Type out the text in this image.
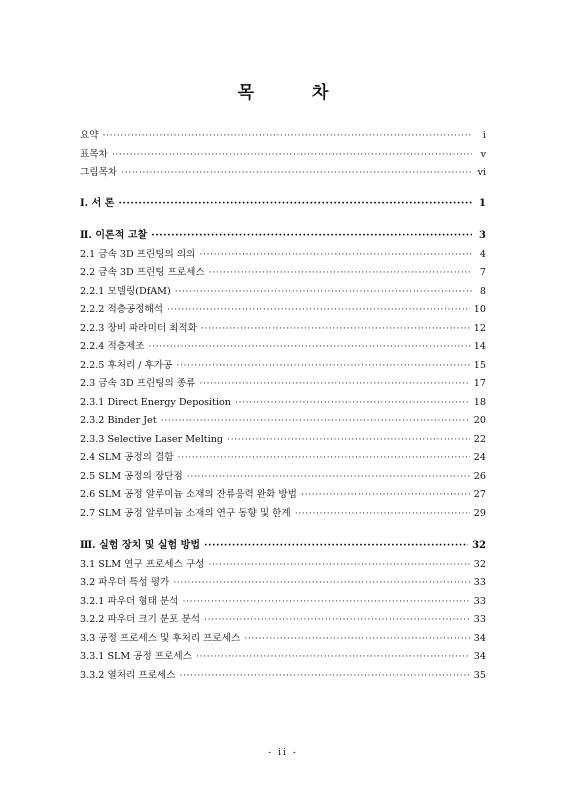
목 차
요약 ·····	i
표목차 ·····	v
그림목차 ·····	vi
Ⅰ. 서 론 ·····	1
Ⅱ. 이론적 고찰 ·····	3
2.1 금속 3D 프린팅의 의의 ·····	4
2.2 금속 3D 프린팅 프로세스 ·····	7
2.2.1 모델링(DfAM) ·····	8
2.2.2 적층공정해석 ·····	10
2.2.3 장비 파라미터 최적화 ·····	12
2.2.4 적층제조 ·····	14
2.2.5 후처리 / 후가공 ·····	15
2.3 금속 3D 프린팅의 종류 ·····	17
2.3.1 Direct Energy Deposition ·····	18
2.3.2 Binder Jet ·····	20
2.3.3 Selective Laser Melting ·····	22
2.4 SLM 공정의 결함 ·····	24
2.5 SLM 공정의 장단점 ·····	26
2.6 SLM 공정 알루미늄 소재의 잔류응력 완화 방법 ·····	27
2.7 SLM 공정 알루미늄 소재의 연구 동향 및 한계 ·····	29
Ⅲ. 실험 장치 및 실험 방법 ·····	32
3.1 SLM 연구 프로세스 구성 ·····	32
3.2 파우더 특성 평가 ·····	33
3.2.1 파우더 형태 분석 ·····	33
3.2.2 파우더 크기 분포 분석 ·····	33
3.3 공정 프로세스 및 후처리 프로세스 ·····	34
3.3.1 SLM 공정 프로세스 ·····	34
3.3.2 열처리 프로세스 ·····	35
- ii -
